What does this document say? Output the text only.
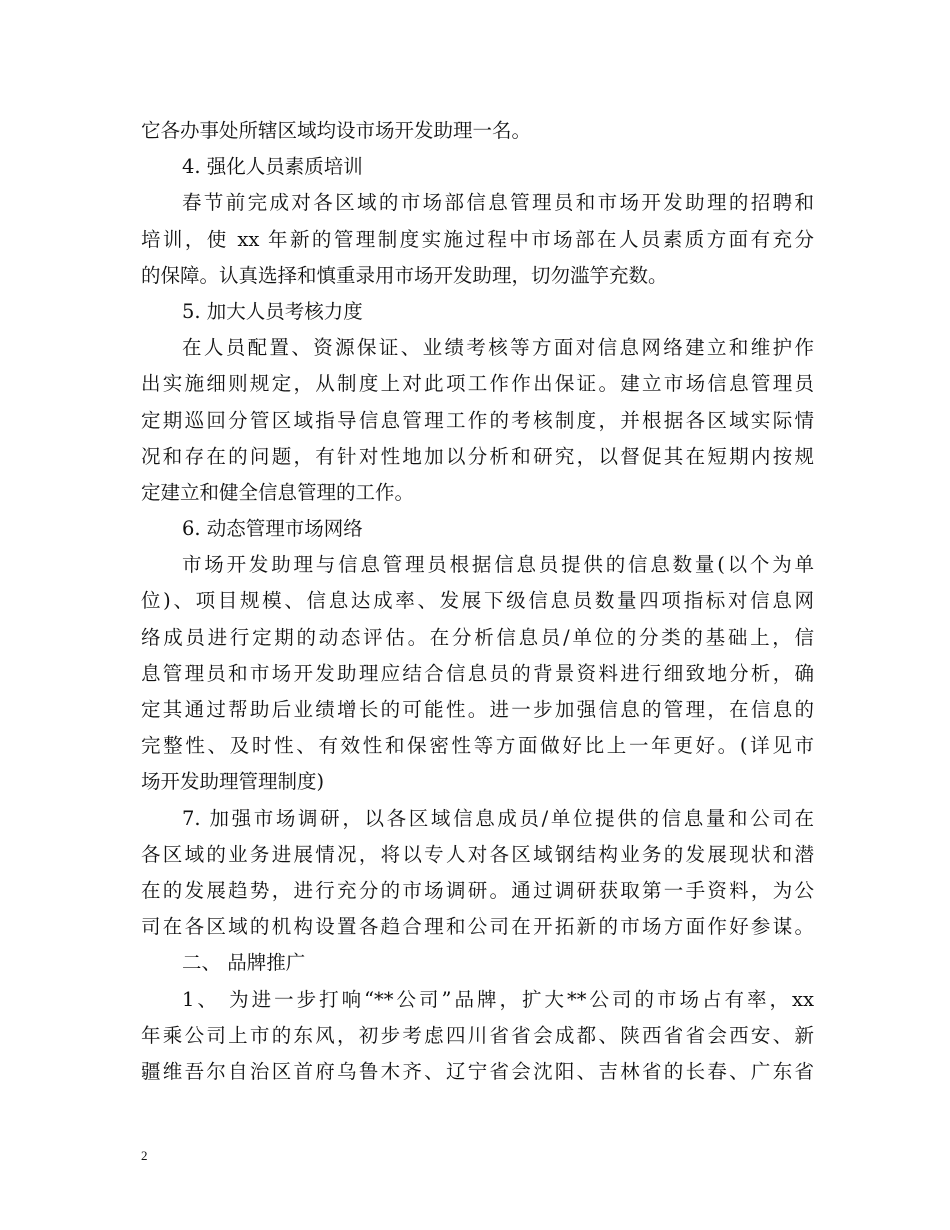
它各办事处所辖区域均设市场开发助理一名。
4. 强化人员素质培训
春节前完成对各区域的市场部信息管理员和市场开发助理的招聘和
培训，使 xx 年新的管理制度实施过程中市场部在人员素质方面有充分
的保障。认真选择和慎重录用市场开发助理，切勿滥竽充数。
5. 加大人员考核力度
在人员配置、资源保证、业绩考核等方面对信息网络建立和维护作
出实施细则规定，从制度上对此项工作作出保证。建立市场信息管理员
定期巡回分管区域指导信息管理工作的考核制度，并根据各区域实际情
况和存在的问题，有针对性地加以分析和研究，以督促其在短期内按规
定建立和健全信息管理的工作。
6. 动态管理市场网络
市场开发助理与信息管理员根据信息员提供的信息数量(以个为单
位)、项目规模、信息达成率、发展下级信息员数量四项指标对信息网
络成员进行定期的动态评估。在分析信息员/单位的分类的基础上，信
息管理员和市场开发助理应结合信息员的背景资料进行细致地分析，确
定其通过帮助后业绩增长的可能性。进一步加强信息的管理，在信息的
完整性、及时性、有效性和保密性等方面做好比上一年更好。(详见市
场开发助理管理制度)
7. 加强市场调研，以各区域信息成员/单位提供的信息量和公司在
各区域的业务进展情况，将以专人对各区域钢结构业务的发展现状和潜
在的发展趋势，进行充分的市场调研。通过调研获取第一手资料，为公
司在各区域的机构设置各趋合理和公司在开拓新的市场方面作好参谋。
二、 品牌推广
1、 为进一步打响“**公司”品牌，扩大**公司的市场占有率，xx
年乘公司上市的东风，初步考虑四川省省会成都、陕西省省会西安、新
疆维吾尔自治区首府乌鲁木齐、辽宁省会沈阳、吉林省的长春、广东省
2
